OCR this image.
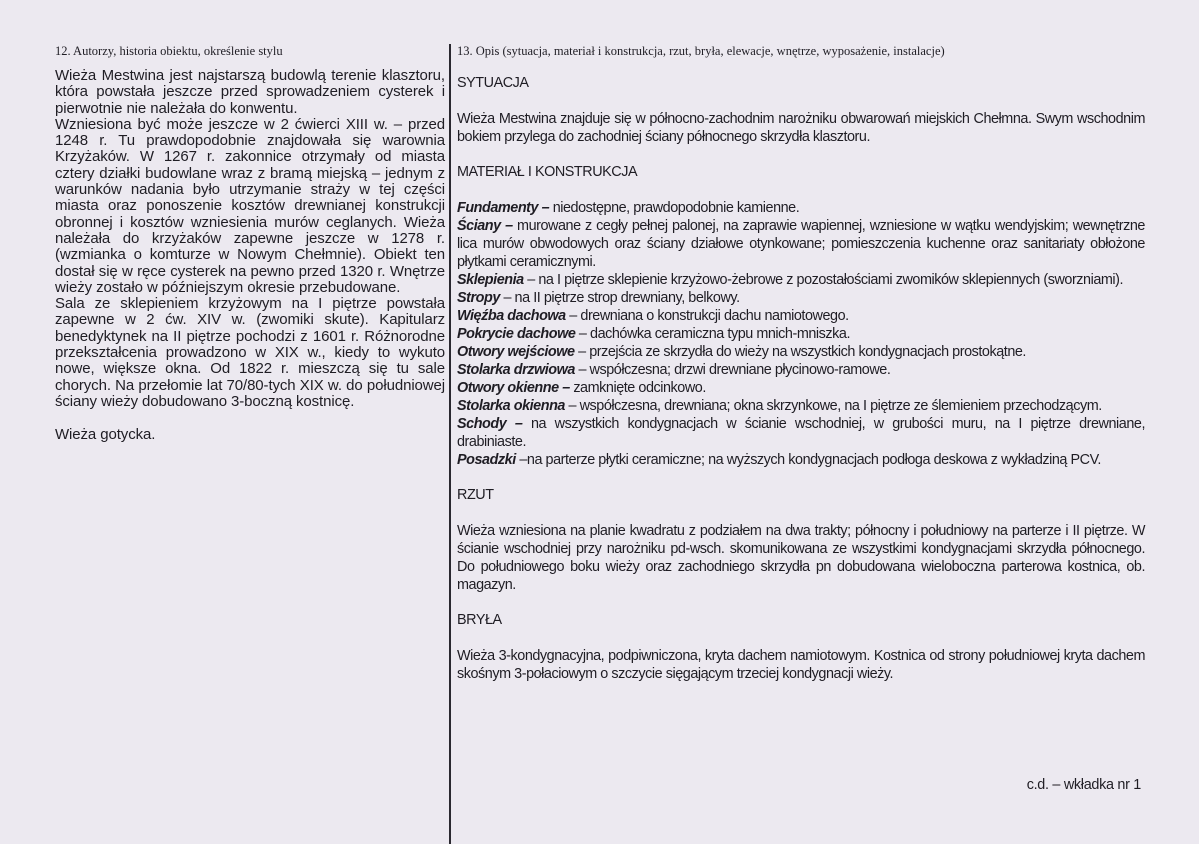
12. Autorzy, historia obiektu, określenie stylu	13. Opis (sytuacja, materiał i konstrukcja, rzut, bryła, elewacje, wnętrze, wyposażenie, instalacje)

Wieża Mestwina jest najstarszą budowlą terenie klasztoru, która powstała jeszcze przed sprowadzeniem cysterek i pierwotnie nie należała do konwentu.

Wzniesiona być może jeszcze w 2 ćwierci XIII w. – przed 1248 r. Tu prawdopodobnie znajdowała się warownia Krzyżaków. W 1267 r. zakonnice otrzymały od miasta cztery działki budowlane wraz z bramą miejską – jednym z warunków nadania było utrzymanie straży w tej części miasta oraz ponoszenie kosztów drewnianej konstrukcji obronnej i kosztów wzniesienia murów ceglanych. Wieża należała do krzyżaków zapewne jeszcze w 1278 r. (wzmianka o komturze w Nowym Chełmnie). Obiekt ten dostał się w ręce cysterek na pewno przed 1320 r. Wnętrze wieży zostało w późniejszym okresie przebudowane.

Sala ze sklepieniem krzyżowym na I piętrze powstała zapewne w 2 ćw. XIV w. (zwomiki skute). Kapitularz benedyktynek na II piętrze pochodzi z 1601 r. Różnorodne przekształcenia prowadzono w XIX w., kiedy to wykuto nowe, większe okna. Od 1822 r. mieszczą się tu sale chorych. Na przełomie lat 70/80-tych XIX w. do południowej ściany wieży dobudowano 3-boczną kostnicę.

Wieża gotycka.

SYTUACJA

Wieża Mestwina znajduje się w północno-zachodnim narożniku obwarowań miejskich Chełmna. Swym wschodnim bokiem przylega do zachodniej ściany północnego skrzydła klasztoru.

MATERIAŁ I KONSTRUKCJA

Fundamenty – niedostępne, prawdopodobnie kamienne.

Ściany – murowane z cegły pełnej palonej, na zaprawie wapiennej, wzniesione w wątku wendyjskim; wewnętrzne lica murów obwodowych oraz ściany działowe otynkowane; pomieszczenia kuchenne oraz sanitariaty obłożone płytkami ceramicznymi.

Sklepienia – na I piętrze sklepienie krzyżowo-żebrowe z pozostałościami zwomików sklepiennych (sworzniami).

Stropy – na II piętrze strop drewniany, belkowy.

Więźba dachowa – drewniana o konstrukcji dachu namiotowego.

Pokrycie dachowe – dachówka ceramiczna typu mnich-mniszka.

Otwory wejściowe – przejścia ze skrzydła do wieży na wszystkich kondygnacjach prostokątne.

Stolarka drzwiowa – współczesna; drzwi drewniane płycinowo-ramowe.

Otwory okienne – zamknięte odcinkowo.

Stolarka okienna – współczesna, drewniana; okna skrzynkowe, na I piętrze ze ślemieniem przechodzącym.

Schody – na wszystkich kondygnacjach w ścianie wschodniej, w grubości muru, na I piętrze drewniane, drabiniaste.

Posadzki –na parterze płytki ceramiczne; na wyższych kondygnacjach podłoga deskowa z wykładziną PCV.

RZUT

Wieża wzniesiona na planie kwadratu z podziałem na dwa trakty; północny i południowy na parterze i II piętrze. W ścianie wschodniej przy narożniku pd-wsch. skomunikowana ze wszystkimi kondygnacjami skrzydła północnego. Do południowego boku wieży oraz zachodniego skrzydła pn dobudowana wieloboczna parterowa kostnica, ob. magazyn.

BRYŁA

Wieża 3-kondygnacyjna, podpiwniczona, kryta dachem namiotowym. Kostnica od strony południowej kryta dachem skośnym 3-połaciowym o szczycie sięgającym trzeciej kondygnacji wieży.

c.d. – wkładka nr 1
